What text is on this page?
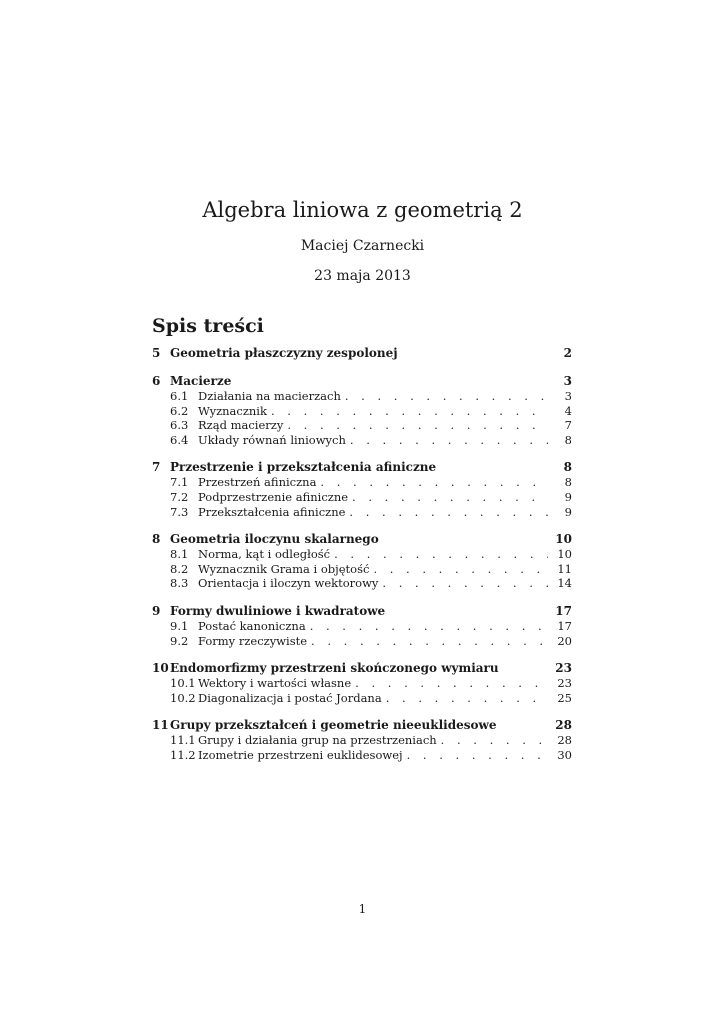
Algebra liniowa z geometrią 2
Maciej Czarnecki
23 maja 2013
Spis treści
5 Geometria płaszczyzny zespolonej	2
6 Macierze	3
6.1 Działania na macierzach . . .	3
6.2 Wyznacznik . . .	4
6.3 Rząd macierzy . . .	7
6.4 Układy równań liniowych . . .	8
7 Przestrzenie i przekształcenia afiniczne	8
7.1 Przestrzeń afiniczna . . .	8
7.2 Podprzestrzenie afiniczne . . .	9
7.3 Przekształcenia afiniczne . . .	9
8 Geometria iloczynu skalarnego	10
8.1 Norma, kąt i odległość . . .	10
8.2 Wyznacznik Grama i objętość . . .	11
8.3 Orientacja i iloczyn wektorowy . . .	14
9 Formy dwuliniowe i kwadratowe	17
9.1 Postać kanoniczna . . .	17
9.2 Formy rzeczywiste . . .	20
10 Endomorfizmy przestrzeni skończonego wymiaru	23
10.1 Wektory i wartości własne . . .	23
10.2 Diagonalizacja i postać Jordana . . .	25
11 Grupy przekształceń i geometrie nieeuklidesowe	28
11.1 Grupy i działania grup na przestrzeniach . . .	28
11.2 Izometrie przestrzeni euklidesowej . . .	30
1
